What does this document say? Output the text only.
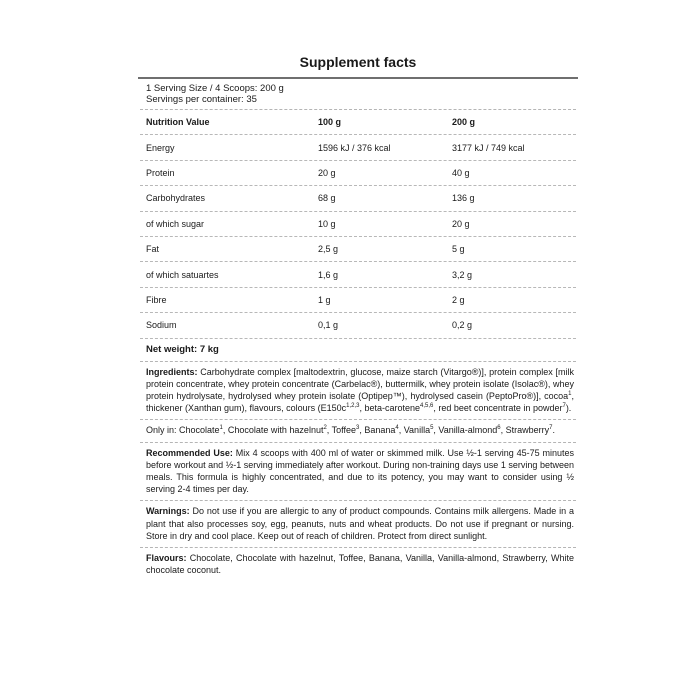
Supplement facts
1 Serving Size / 4 Scoops: 200 g
Servings per container: 35
Nutrition Value	100 g	200 g
Energy	1596 kJ / 376 kcal	3177 kJ / 749 kcal
Protein	20 g	40 g
Carbohydrates	68 g	136 g
of which sugar	10 g	20 g
Fat	2,5 g	5 g
of which satuartes	1,6 g	3,2 g
Fibre	1 g	2 g
Sodium	0,1 g	0,2 g
Net weight: 7 kg
Ingredients: Carbohydrate complex [maltodextrin, glucose, maize starch (Vitargo®)], protein complex [milk protein concentrate, whey protein concentrate (Carbelac®), buttermilk, whey protein isolate (Isolac®), whey protein hydrolysate, hydrolysed whey protein isolate (Optipep™), hydrolysed casein (PeptoPro®)], cocoa$^1$, thickener (Xanthan gum), flavours, colours ($E150c^{1,2,3}$, beta-carotene$^{4,5,6}$, red beet concentrate in powder$^7$).
Only in: Chocolate$^1$, Chocolate with hazelnut$^2$, Toffee$^3$, Banana$^4$, Vanilla$^5$, Vanilla-almond$^6$, Strawberry$^7$.
Recommended Use: Mix 4 scoops with 400 ml of water or skimmed milk. Use ½-1 serving 45-75 minutes before workout and ½-1 serving immediately after workout. During non-training days use 1 serving between meals. This formula is highly concentrated, and due to its potency, you may want to consider using ½ serving 2-4 times per day.
Warnings: Do not use if you are allergic to any of product compounds. Contains milk allergens. Made in a plant that also processes soy, egg, peanuts, nuts and wheat products. Do not use if pregnant or nursing. Store in dry and cool place. Keep out of reach of children. Protect from direct sunlight.
Flavours: Chocolate, Chocolate with hazelnut, Toffee, Banana, Vanilla, Vanilla-almond, Strawberry, White chocolate coconut.
